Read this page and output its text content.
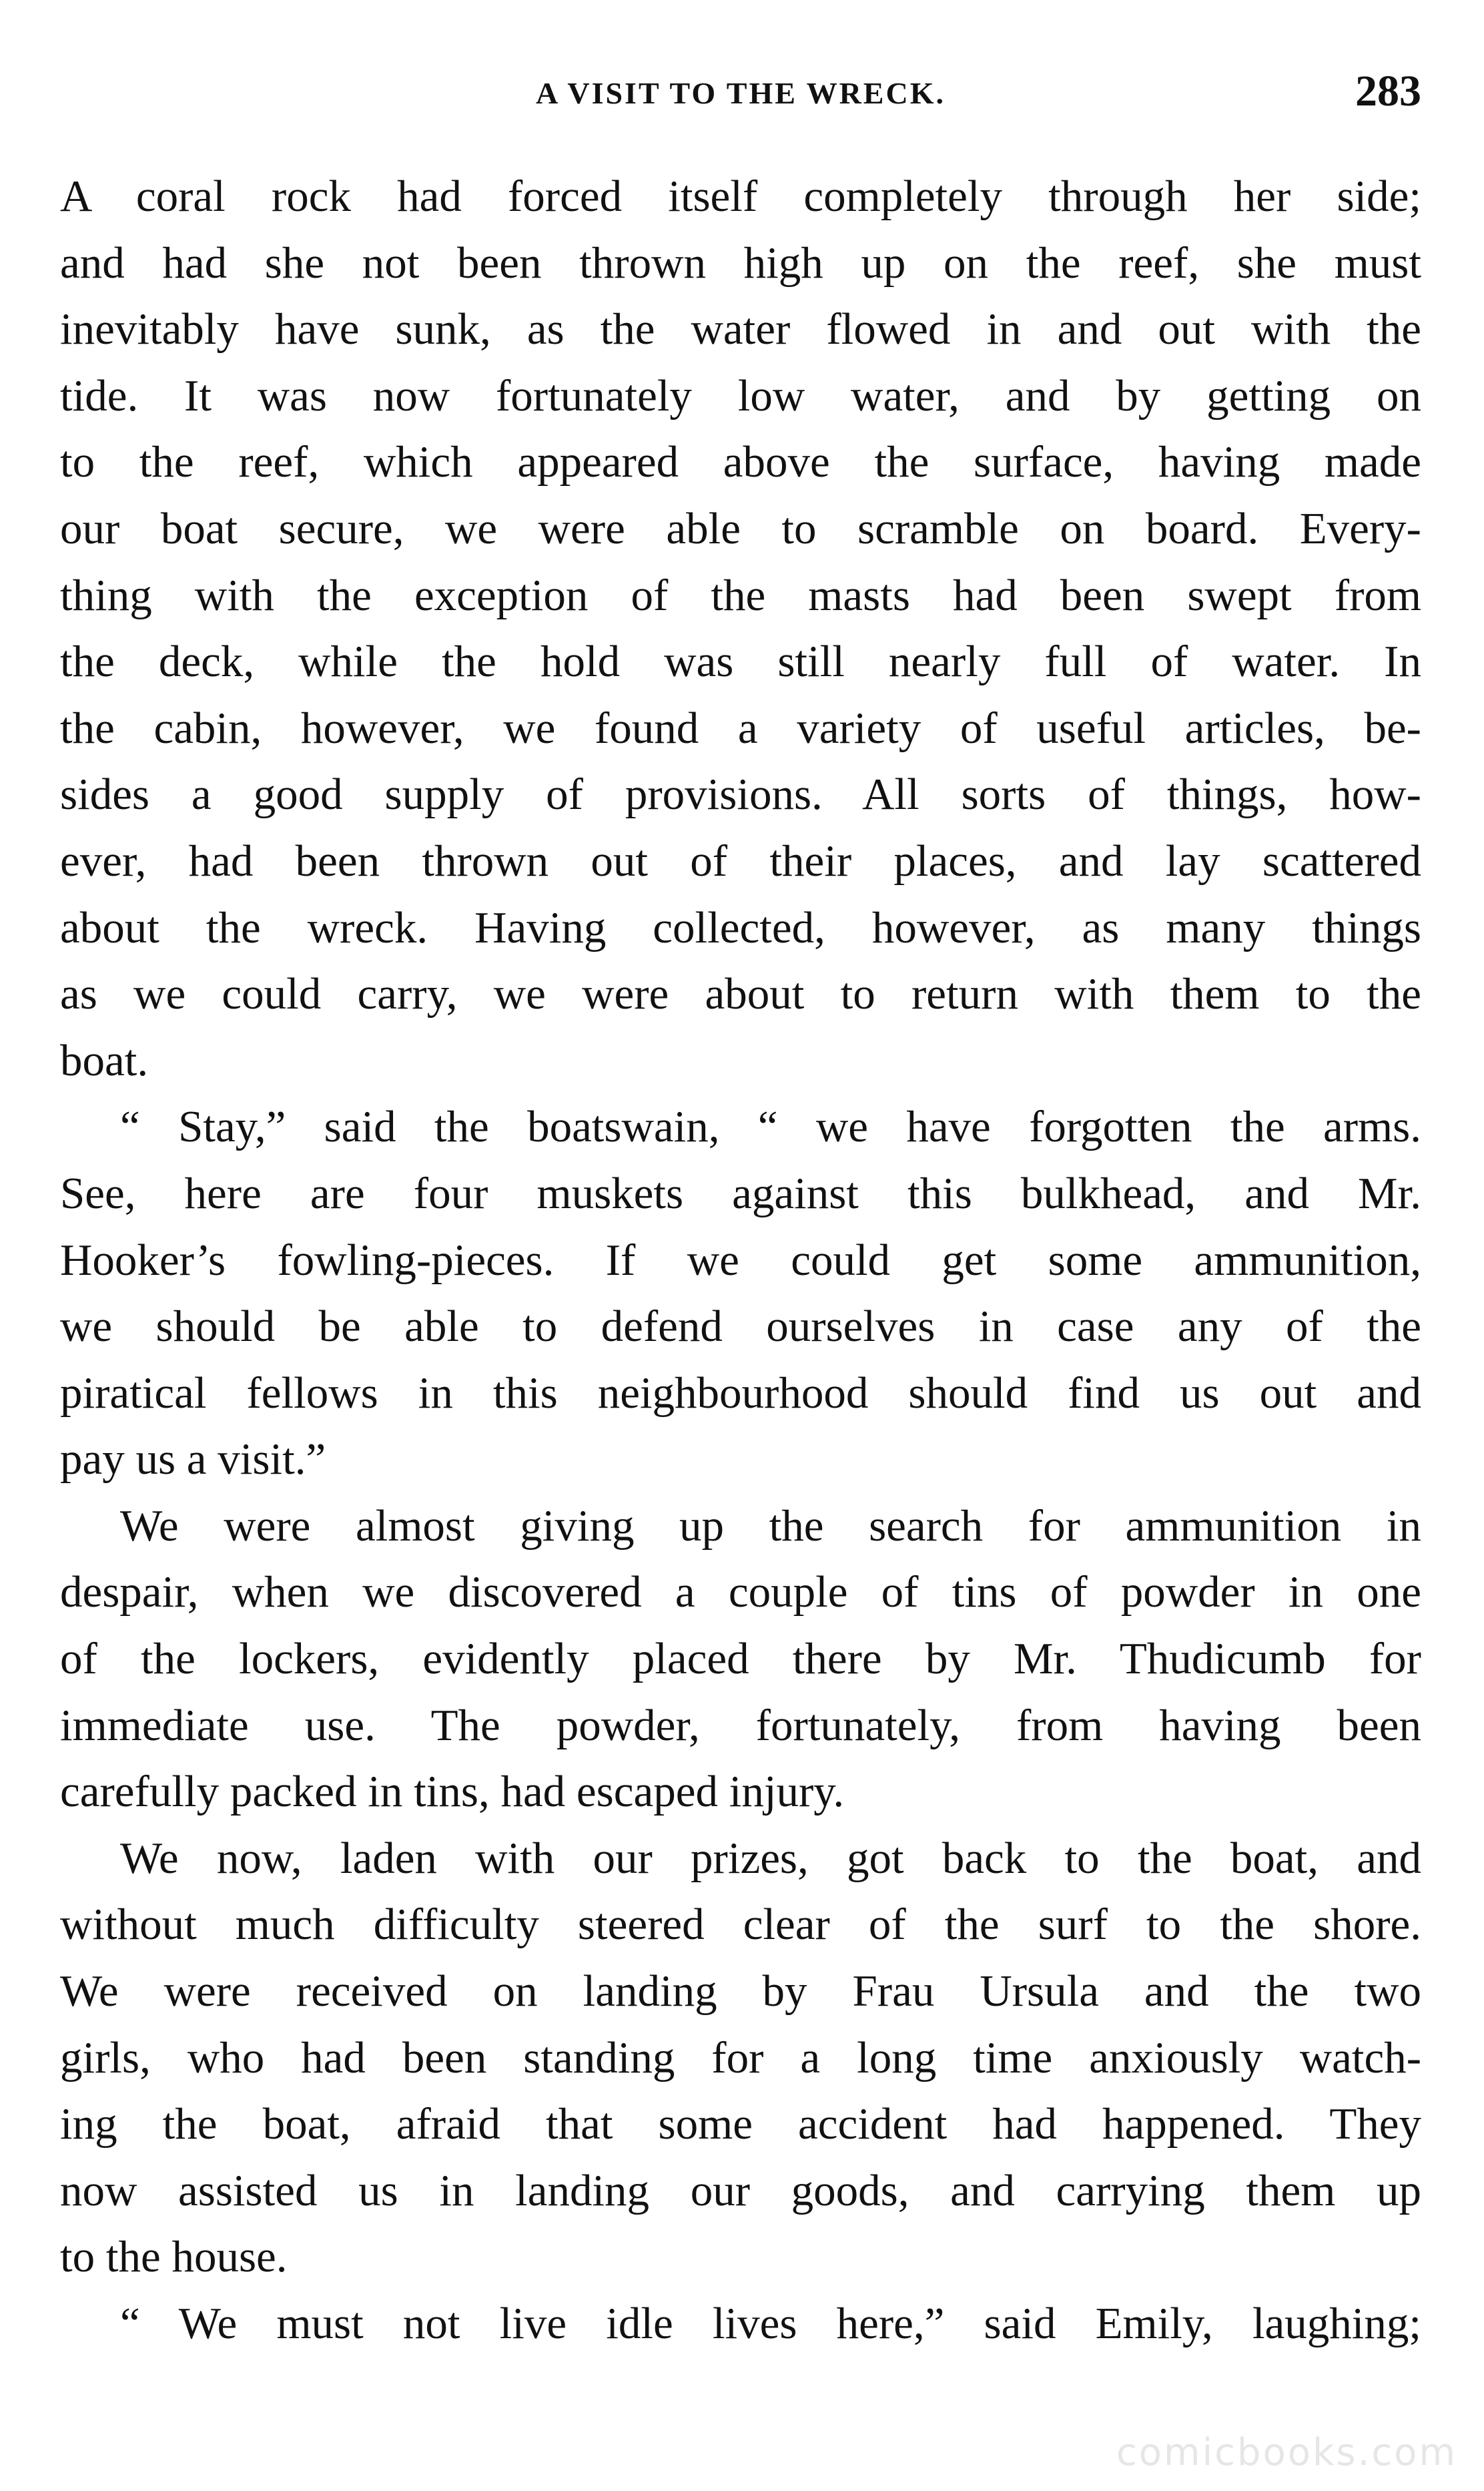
A VISIT TO THE WRECK.	283
A coral rock had forced itself completely through her side;
and had she not been thrown high up on the reef, she must
inevitably have sunk, as the water flowed in and out with the
tide. It was now fortunately low water, and by getting on
to the reef, which appeared above the surface, having made
our boat secure, we were able to scramble on board. Every-
thing with the exception of the masts had been swept from
the deck, while the hold was still nearly full of water. In
the cabin, however, we found a variety of useful articles, be-
sides a good supply of provisions. All sorts of things, how-
ever, had been thrown out of their places, and lay scattered
about the wreck. Having collected, however, as many things
as we could carry, we were about to return with them to the
boat.
“ Stay,” said the boatswain, “ we have forgotten the arms.
See, here are four muskets against this bulkhead, and Mr.
Hooker’s fowling-pieces. If we could get some ammunition,
we should be able to defend ourselves in case any of the
piratical fellows in this neighbourhood should find us out and
pay us a visit.”
We were almost giving up the search for ammunition in
despair, when we discovered a couple of tins of powder in one
of the lockers, evidently placed there by Mr. Thudicumb for
immediate use. The powder, fortunately, from having been
carefully packed in tins, had escaped injury.
We now, laden with our prizes, got back to the boat, and
without much difficulty steered clear of the surf to the shore.
We were received on landing by Frau Ursula and the two
girls, who had been standing for a long time anxiously watch-
ing the boat, afraid that some accident had happened. They
now assisted us in landing our goods, and carrying them up
to the house.
“ We must not live idle lives here,” said Emily, laughing;
comicbooks.com
